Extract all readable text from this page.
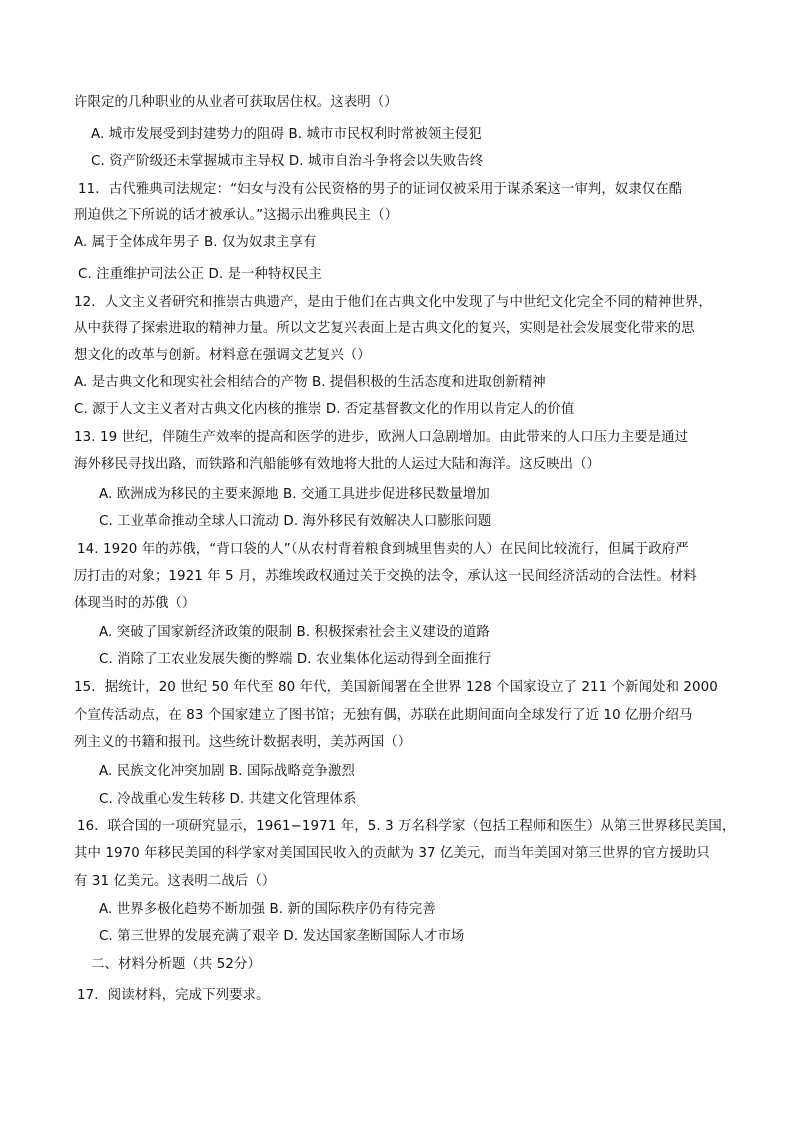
许限定的几种职业的从业者可获取居住权。这表明（）
A. 城市发展受到封建势力的阻碍 B. 城市市民权利时常被领主侵犯
C. 资产阶级还未掌握城市主导权 D. 城市自治斗争将会以失败告终
11．古代雅典司法规定：“妇女与没有公民资格的男子的证词仅被采用于谋杀案这一审判，奴隶仅在酷
刑迫供之下所说的话才被承认。”这揭示出雅典民主（）
A. 属于全体成年男子 B. 仅为奴隶主享有
C. 注重维护司法公正 D. 是一种特权民主
12．人文主义者研究和推崇古典遗产，是由于他们在古典文化中发现了与中世纪文化完全不同的精神世界，
从中获得了探索进取的精神力量。所以文艺复兴表面上是古典文化的复兴，实则是社会发展变化带来的思
想文化的改革与创新。材料意在强调文艺复兴（）
A. 是古典文化和现实社会相结合的产物 B. 提倡积极的生活态度和进取创新精神
C. 源于人文主义者对古典文化内核的推崇 D. 否定基督教文化的作用以肯定人的价值
13. 19 世纪，伴随生产效率的提高和医学的进步，欧洲人口急剧增加。由此带来的人口压力主要是通过
海外移民寻找出路，而铁路和汽船能够有效地将大批的人运过大陆和海洋。这反映出（）
A. 欧洲成为移民的主要来源地 B. 交通工具进步促进移民数量增加
C. 工业革命推动全球人口流动 D. 海外移民有效解决人口膨胀问题
14. 1920 年的苏俄，“背口袋的人”（从农村背着粮食到城里售卖的人）在民间比较流行，但属于政府严
厉打击的对象；1921 年 5 月，苏维埃政权通过关于交换的法令，承认这一民间经济活动的合法性。材料
体现当时的苏俄（）
A. 突破了国家新经济政策的限制 B. 积极探索社会主义建设的道路
C. 消除了工农业发展失衡的弊端 D. 农业集体化运动得到全面推行
15．据统计，20 世纪 50 年代至 80 年代，美国新闻署在全世界 128 个国家设立了 211 个新闻处和 2000
个宣传活动点，在 83 个国家建立了图书馆；无独有偶，苏联在此期间面向全球发行了近 10 亿册介绍马
列主义的书籍和报刊。这些统计数据表明，美苏两国（）
A. 民族文化冲突加剧 B. 国际战略竞争激烈
C. 冷战重心发生转移 D. 共建文化管理体系
16．联合国的一项研究显示，1961−1971 年，5. 3 万名科学家（包括工程师和医生）从第三世界移民美国，
其中 1970 年移民美国的科学家对美国国民收入的贡献为 37 亿美元，而当年美国对第三世界的官方援助只
有 31 亿美元。这表明二战后（）
A. 世界多极化趋势不断加强 B. 新的国际秩序仍有待完善
C. 第三世界的发展充满了艰辛 D. 发达国家垄断国际人才市场
二、材料分析题（共 52分）
17．阅读材料，完成下列要求。
